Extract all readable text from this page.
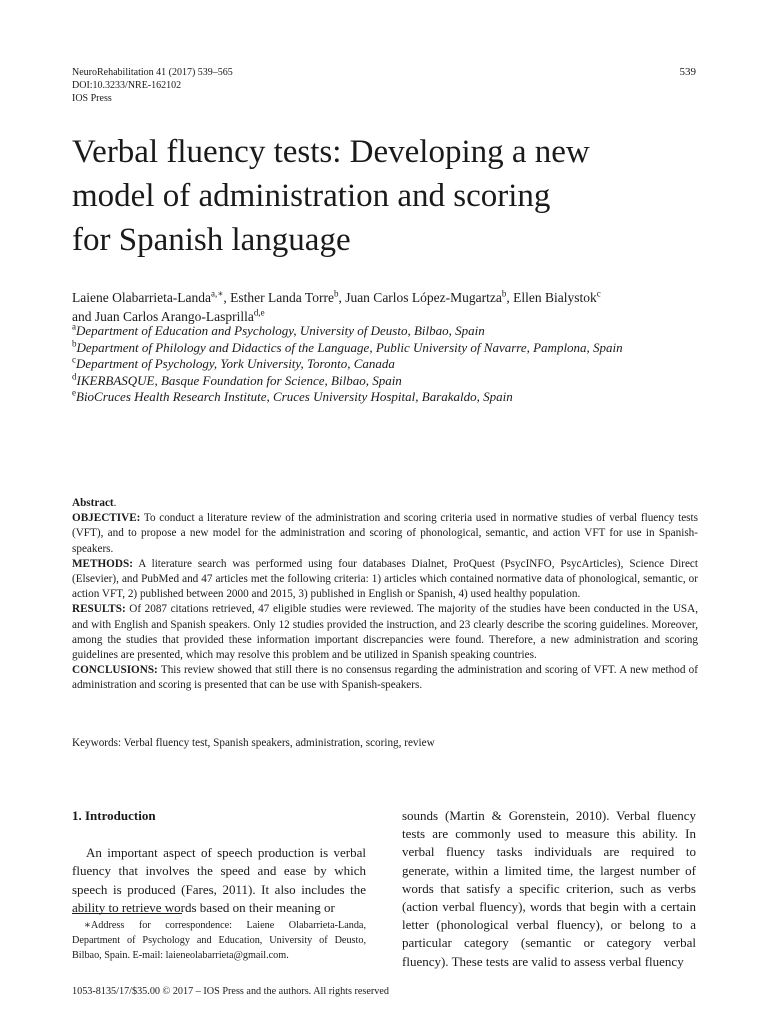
NeuroRehabilitation 41 (2017) 539–565
DOI:10.3233/NRE-162102
IOS Press
539
Verbal fluency tests: Developing a new
model of administration and scoring
for Spanish language
Laiene Olabarrieta-Landa$^{a,∗}$, Esther Landa Torre$^b$, Juan Carlos López-Mugartza$^b$, Ellen Bialystok$^c$
and Juan Carlos Arango-Lasprilla$^{d,e}$
$^a$Department of Education and Psychology, University of Deusto, Bilbao, Spain
$^b$Department of Philology and Didactics of the Language, Public University of Navarre, Pamplona, Spain
$^c$Department of Psychology, York University, Toronto, Canada
$^d$IKERBASQUE, Basque Foundation for Science, Bilbao, Spain
$^e$BioCruces Health Research Institute, Cruces University Hospital, Barakaldo, Spain

Abstract.

OBJECTIVE: To conduct a literature review of the administration and scoring criteria used in normative studies of verbal fluency tests (VFT), and to propose a new model for the administration and scoring of phonological, semantic, and action VFT for use in Spanish-speakers.

METHODS: A literature search was performed using four databases Dialnet, ProQuest (PsycINFO, PsycArticles), Science Direct (Elsevier), and PubMed and 47 articles met the following criteria: 1) articles which contained normative data of phonological, semantic, or action VFT, 2) published between 2000 and 2015, 3) published in English or Spanish, 4) used healthy population.

RESULTS: Of 2087 citations retrieved, 47 eligible studies were reviewed. The majority of the studies have been conducted in the USA, and with English and Spanish speakers. Only 12 studies provided the instruction, and 23 clearly describe the scoring guidelines. Moreover, among the studies that provided these information important discrepancies were found. Therefore, a new administration and scoring guidelines are presented, which may resolve this problem and be utilized in Spanish speaking countries.

CONCLUSIONS: This review showed that still there is no consensus regarding the administration and scoring of VFT. A new method of administration and scoring is presented that can be use with Spanish-speakers.

Keywords: Verbal fluency test, Spanish speakers, administration, scoring, review
1. Introduction

An important aspect of speech production is verbal fluency that involves the speed and ease by which speech is produced (Fares, 2011). It also includes the ability to retrieve words based on their meaning or

∗Address for correspondence: Laiene Olabarrieta-Landa, Department of Psychology and Education, University of Deusto, Bilbao, Spain. E-mail: laieneolabarrieta@gmail.com.

sounds (Martin & Gorenstein, 2010). Verbal fluency tests are commonly used to measure this ability. In verbal fluency tasks individuals are required to generate, within a limited time, the largest number of words that satisfy a specific criterion, such as verbs (action verbal fluency), words that begin with a certain letter (phonological verbal fluency), or belong to a particular category (semantic or category verbal fluency). These tests are valid to assess verbal fluency

1053-8135/17/$35.00 © 2017 – IOS Press and the authors. All rights reserved
